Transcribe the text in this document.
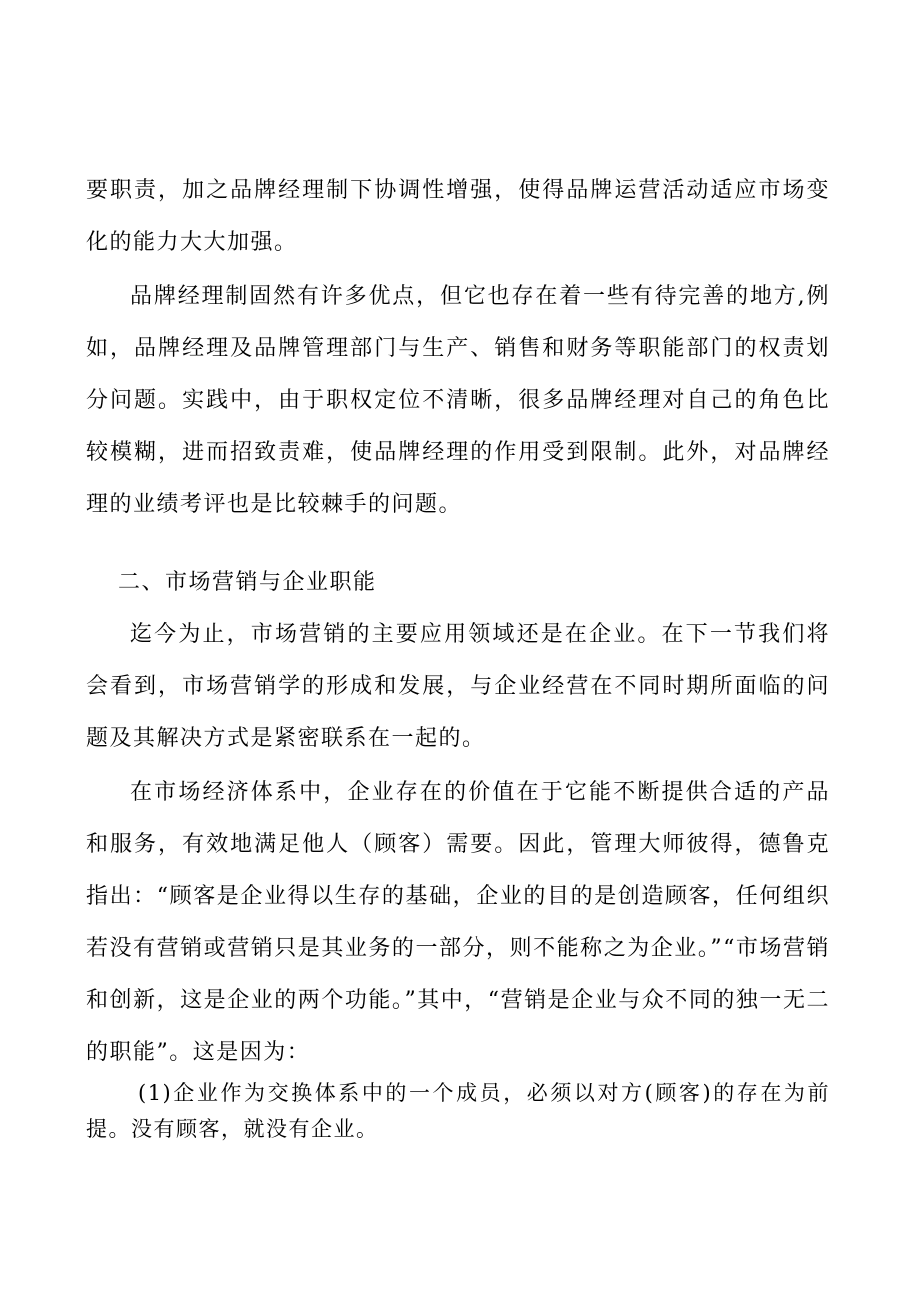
要职责，加之品牌经理制下协调性增强，使得品牌运营活动适应市场变化的能力大大加强。

品牌经理制固然有许多优点，但它也存在着一些有待完善的地方,例如，品牌经理及品牌管理部门与生产、销售和财务等职能部门的权责划分问题。实践中，由于职权定位不清晰，很多品牌经理对自己的角色比较模糊，进而招致责难，使品牌经理的作用受到限制。此外，对品牌经理的业绩考评也是比较棘手的问题。

二、市场营销与企业职能

迄今为止，市场营销的主要应用领域还是在企业。在下一节我们将会看到，市场营销学的形成和发展，与企业经营在不同时期所面临的问题及其解决方式是紧密联系在一起的。

在市场经济体系中，企业存在的价值在于它能不断提供合适的产品和服务，有效地满足他人（顾客）需要。因此，管理大师彼得，德鲁克指出：“顾客是企业得以生存的基础，企业的目的是创造顾客，任何组织若没有营销或营销只是其业务的一部分，则不能称之为企业。”“市场营销和创新，这是企业的两个功能。”其中，“营销是企业与众不同的独一无二的职能”。这是因为：

(1)企业作为交换体系中的一个成员，必须以对方(顾客)的存在为前提。没有顾客，就没有企业。
